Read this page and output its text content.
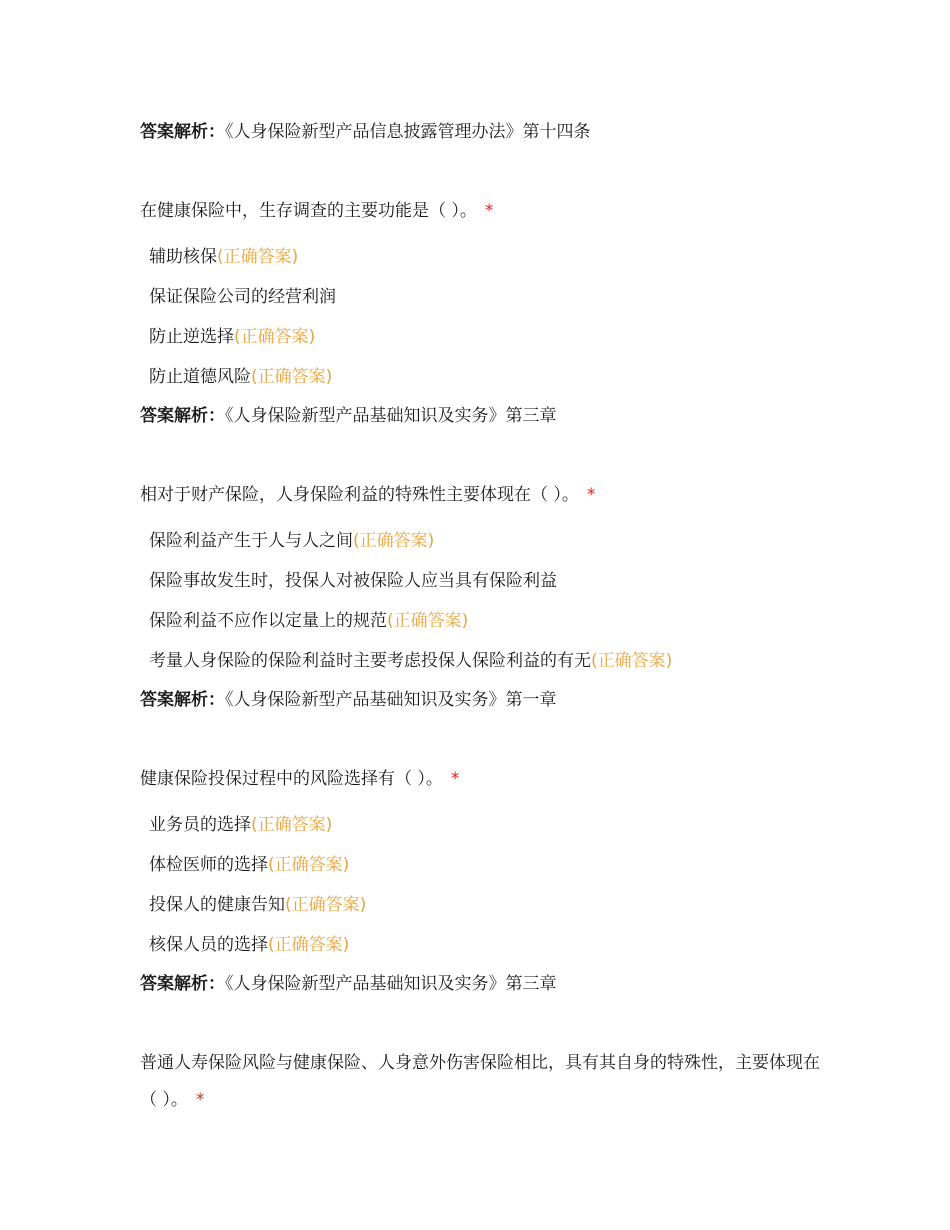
答案解析：《人身保险新型产品信息披露管理办法》第十四条
在健康保险中，生存调查的主要功能是（ ）。 *
辅助核保(正确答案)
保证保险公司的经营利润
防止逆选择(正确答案)
防止道德风险(正确答案)
答案解析：《人身保险新型产品基础知识及实务》第三章
相对于财产保险，人身保险利益的特殊性主要体现在（ ）。 *
保险利益产生于人与人之间(正确答案)
保险事故发生时，投保人对被保险人应当具有保险利益
保险利益不应作以定量上的规范(正确答案)
考量人身保险的保险利益时主要考虑投保人保险利益的有无(正确答案)
答案解析：《人身保险新型产品基础知识及实务》第一章
健康保险投保过程中的风险选择有（ ）。 *
业务员的选择(正确答案)
体检医师的选择(正确答案)
投保人的健康告知(正确答案)
核保人员的选择(正确答案)
答案解析：《人身保险新型产品基础知识及实务》第三章
普通人寿保险风险与健康保险、人身意外伤害保险相比，具有其自身的特殊性，主要体现在（ ）。 *
